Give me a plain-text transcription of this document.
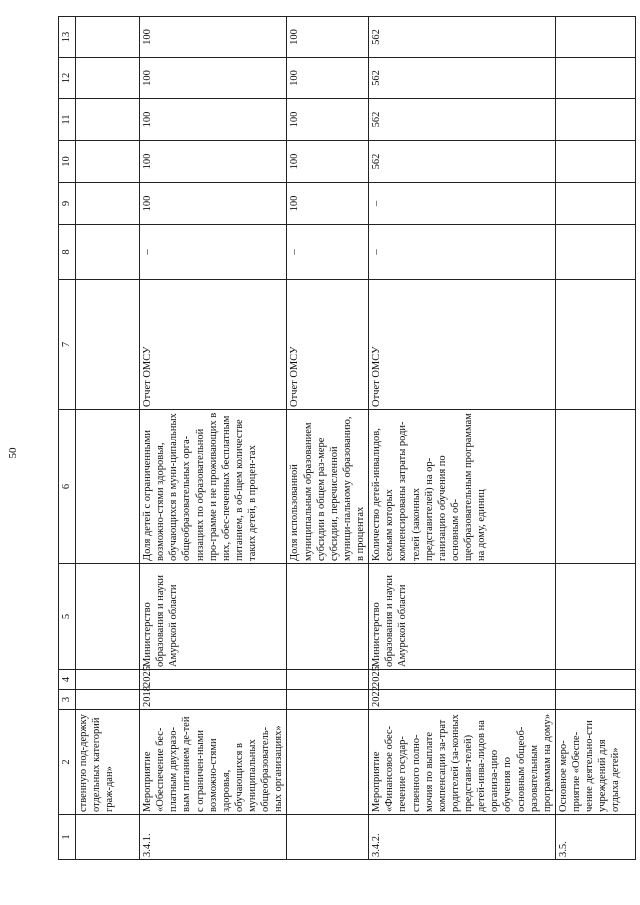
50
1	2	3	4	5	6	7	8	9	10	11	12	13
	ственную под-держку отдельных категорий граж-дан»											
3.4.1.	Мероприятие «Обеспечение бес-платным двухразо-вым питанием де-тей с ограничен-ными возможно-стями здоровья, обучающихся в муниципальных общеобразователь-ных организациях»	2018	2025	Министерство образования и науки Амурской области	Доля детей с ограниченными возможно-стями здоровья, обучающихся в муни-ципальных общеобразовательных орга-низациях по образовательной про-грамме и не проживающих в них, обес-печенных бесплатным питанием, в об-щем количестве таких детей, в процен-тах	Отчет ОМСУ	–	100	100	100	100	100
					Доля использованной муниципальным образованием субсидии в общем раз-мере субсидии, перечисленной муници-пальному образованию, в процентах	Отчет ОМСУ	–	100	100	100	100	100
3.4.2.	Мероприятие «Финансовое обес-печение государ-ственного полно-мочия по выплате компенсации за-трат родителей (за-конных представи-телей) детей-инва-лидов на организа-цию обучения по основным общеоб-разовательным программам на дому»	2022	2025	Министерство образования и науки Амурской области	Количество детей-инвалидов, семьям которых компенсированы затраты роди-телей (законных представителей) на ор-ганизацию обучения по основным об-щеобразовательным программам на дому, единиц	Отчет ОМСУ	–	–	562	562	562	562
3.5.	Основное меро-приятие «Обеспе-чение деятельно-сти учреждений для отдыха детей»											
